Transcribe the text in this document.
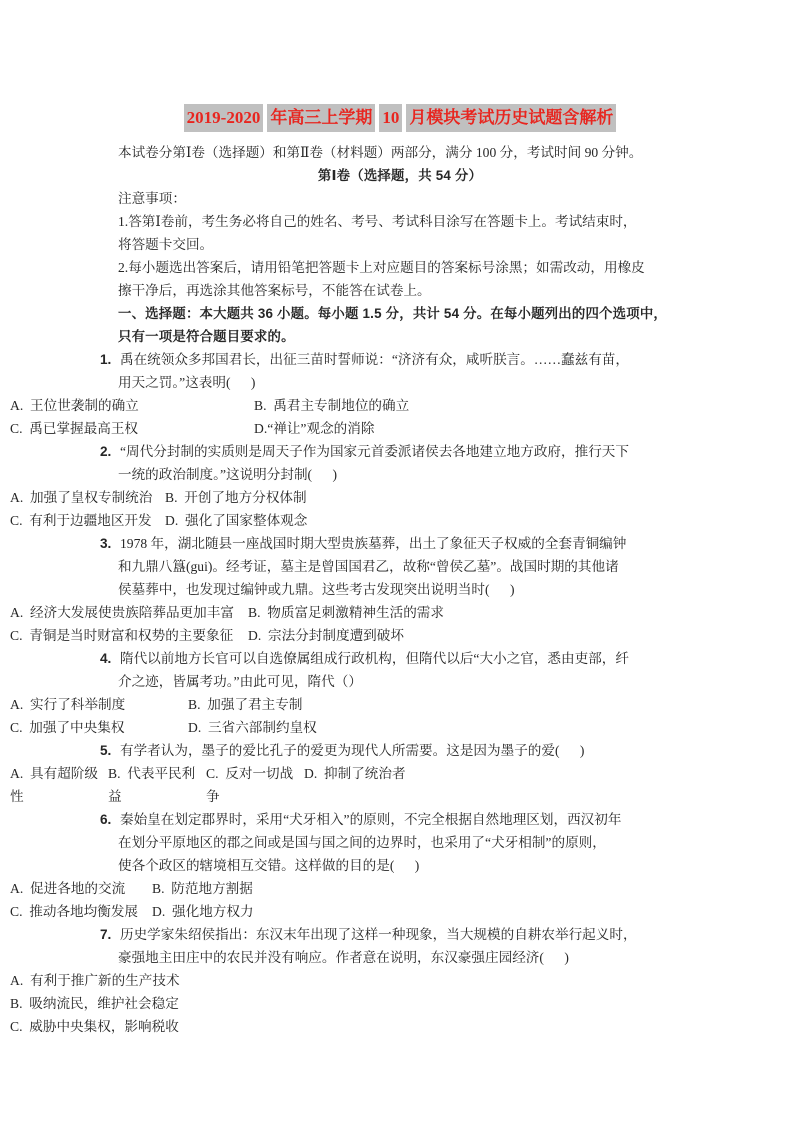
2019-2020 年高三上学期 10 月模块考试历史试题含解析
本试卷分第Ⅰ卷（选择题）和第Ⅱ卷（材料题）两部分，满分 100 分，考试时间 90 分钟。
第Ⅰ卷（选择题，共 54 分）
注意事项：
1.答第Ⅰ卷前，考生务必将自己的姓名、考号、考试科目涂写在答题卡上。考试结束时，
将答题卡交回。
2.每小题选出答案后，请用铅笔把答题卡上对应题目的答案标号涂黑；如需改动，用橡皮
擦干净后，再选涂其他答案标号，不能答在试卷上。
一、选择题：本大题共 36 小题。每小题 1.5 分，共计 54 分。在每小题列出的四个选项中，
只有一项是符合题目要求的。
1. 禹在统领众多邦国君长，出征三苗时誓师说：“济济有众，咸听朕言。……蠢兹有苗，
用天之罚。”这表明(      )
A.  王位世袭制的确立	B.  禹君主专制地位的确立
C.  禹已掌握最高王权	D.“禅让”观念的消除
2. “周代分封制的实质则是周天子作为国家元首委派诸侯去各地建立地方政府，推行天下
一统的政治制度。”这说明分封制(      )
A.  加强了皇权专制统治 B.  开创了地方分权体制
C.  有利于边疆地区开发 D.  强化了国家整体观念
3. 1978 年，湖北随县一座战国时期大型贵族墓葬，出土了象征天子权威的全套青铜编钟
和九鼎八簋(gui)。经考证，墓主是曾国国君乙，故称“曾侯乙墓”。战国时期的其他诸
侯墓葬中，也发现过编钟或九鼎。这些考古发现突出说明当时(      )
A.  经济大发展使贵族陪葬品更加丰富 B.  物质富足刺激精神生活的需求
C.  青铜是当时财富和权势的主要象征 D.  宗法分封制度遭到破坏
4. 隋代以前地方长官可以自选僚属组成行政机构，但隋代以后“大小之官，悉由吏部，纤
介之迹，皆属考功。”由此可见，隋代（）
A.  实行了科举制度	B.  加强了君主专制
C.  加强了中央集权	D.  三省六部制约皇权
5. 有学者认为，墨子的爱比孔子的爱更为现代人所需要。这是因为墨子的爱(      )
A.  具有超阶级性B.  代表平民利益C.  反对一切战争D.  抑制了统治者
6. 秦始皇在划定郡界时，采用“犬牙相入”的原则，不完全根据自然地理区划，西汉初年
在划分平原地区的郡之间或是国与国之间的边界时，也采用了“犬牙相制”的原则，
使各个政区的辖境相互交错。这样做的目的是(      )
A.  促进各地的交流 B.  防范地方割据
C.  推动各地均衡发展 D.  强化地方权力
7. 历史学家朱绍侯指出：东汉末年出现了这样一种现象，当大规模的自耕农举行起义时，
豪强地主田庄中的农民并没有响应。作者意在说明，东汉豪强庄园经济(      )
A.  有利于推广新的生产技术
B.  吸纳流民，维护社会稳定
C.  威胁中央集权，影响税收
